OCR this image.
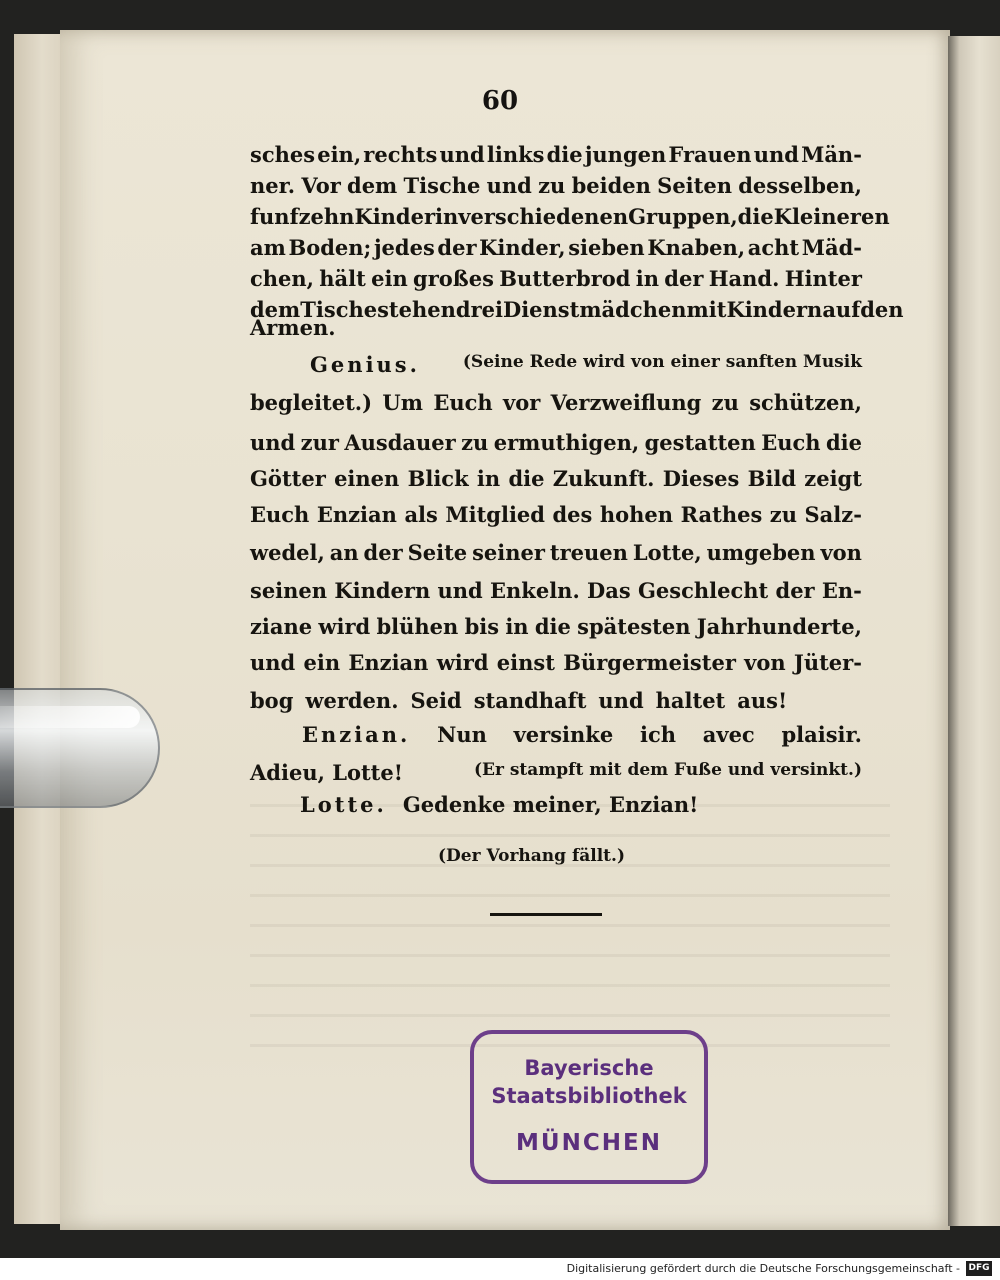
60
sches ein, rechts und links die jungen Frauen und Män-
ner. Vor dem Tische und zu beiden Seiten desselben,
funfzehn Kinder in verschiedenen Gruppen, die Kleineren
am Boden; jedes der Kinder, sieben Knaben, acht Mäd-
chen, hält ein großes Butterbrod in der Hand. Hinter
dem Tische stehen drei Dienstmädchen mit Kindern auf den
Armen.
Genius.	(Seine Rede wird von einer sanften Musik
begleitet.) Um Euch vor Verzweiflung zu schützen,
und zur Ausdauer zu ermuthigen, gestatten Euch die
Götter einen Blick in die Zukunft. Dieses Bild zeigt
Euch Enzian als Mitglied des hohen Rathes zu Salz-
wedel, an der Seite seiner treuen Lotte, umgeben von
seinen Kindern und Enkeln. Das Geschlecht der En-
ziane wird blühen bis in die spätesten Jahrhunderte,
und ein Enzian wird einst Bürgermeister von Jüter-
bog werden. Seid standhaft und haltet aus!
Enzian. Nun versinke ich avec plaisir.
Adieu, Lotte!	(Er stampft mit dem Fuße und versinkt.)
Lotte. Gedenke meiner, Enzian!
(Der Vorhang fällt.)
Bayerische
Staatsbibliothek
MÜNCHEN
Digitalisierung gefördert durch die Deutsche Forschungsgemeinschaft - DFG
